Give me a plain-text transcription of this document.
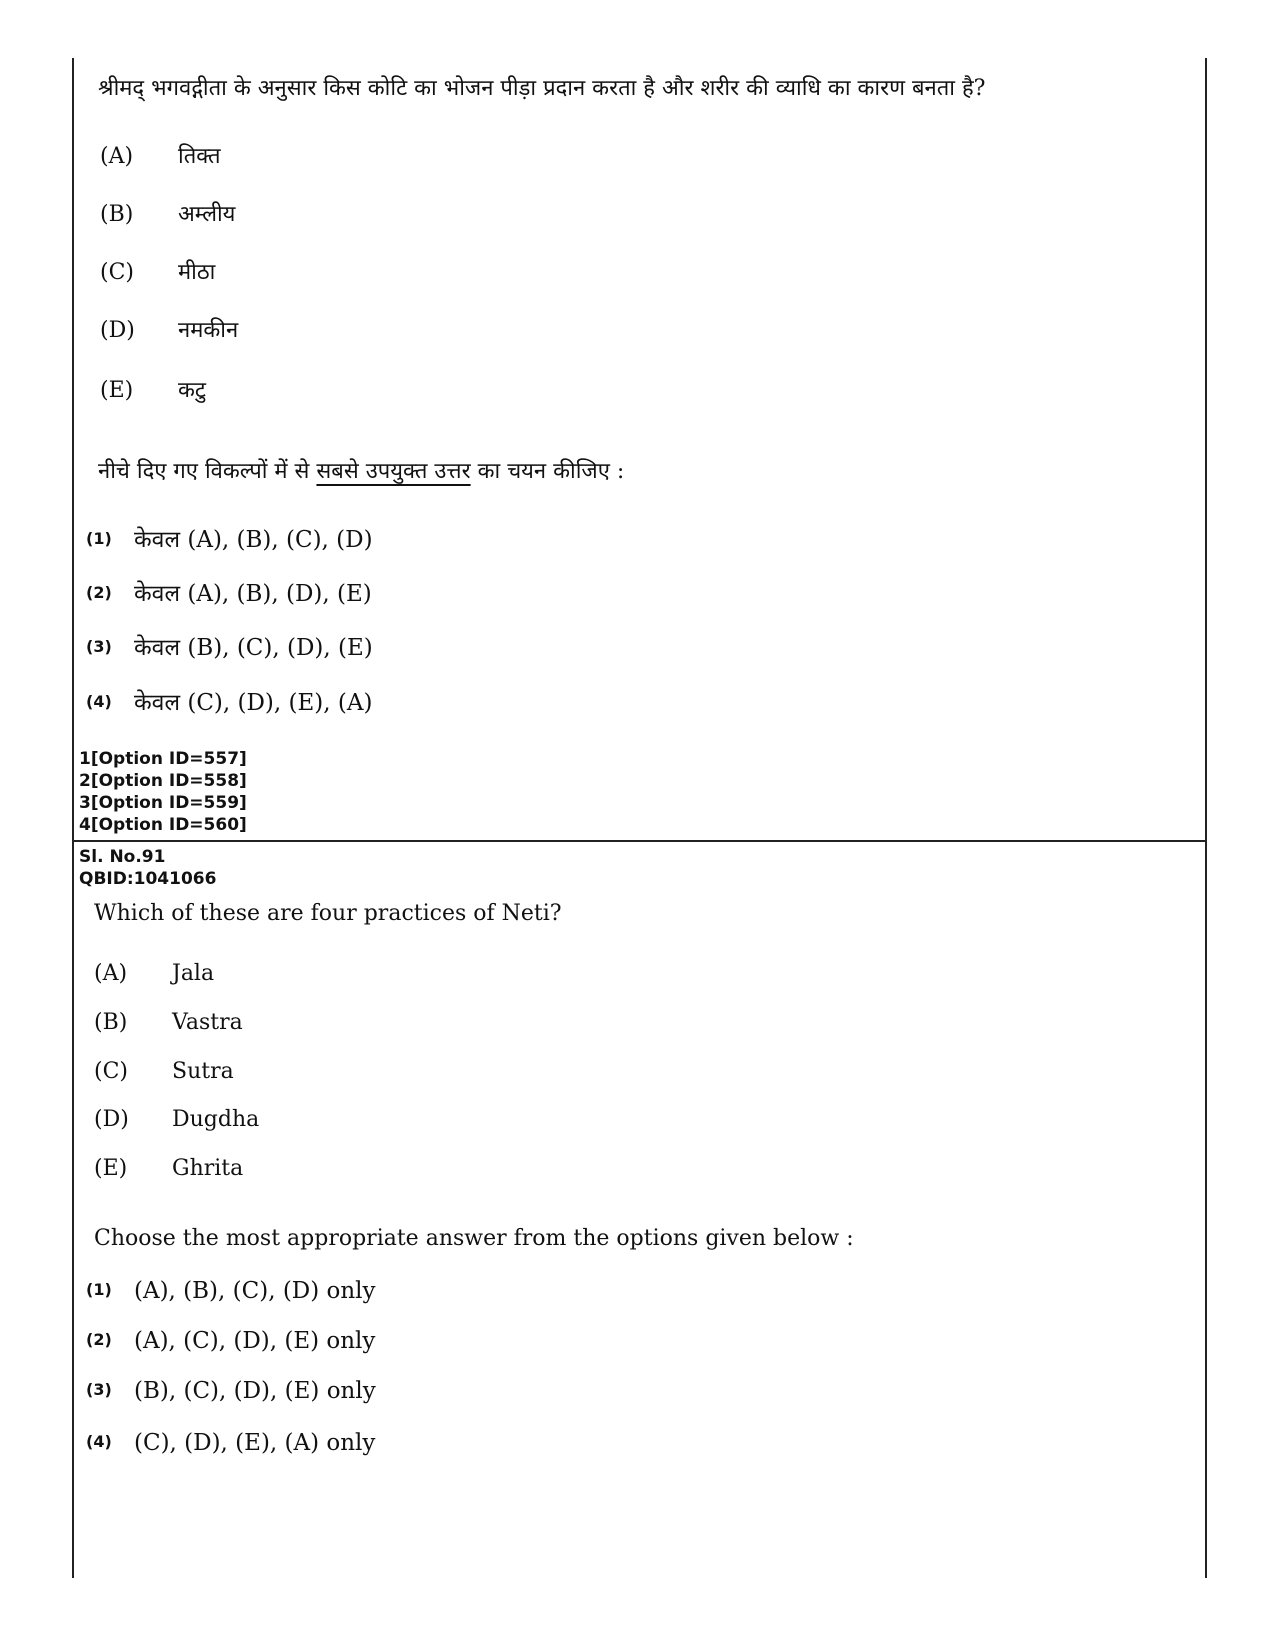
श्रीमद् भगवद्गीता के अनुसार किस कोटि का भोजन पीड़ा प्रदान करता है और शरीर की व्याधि का कारण बनता है?
(A) तिक्त
(B) अम्लीय
(C) मीठा
(D) नमकीन
(E) कटु
नीचे दिए गए विकल्पों में से सबसे उपयुक्त उत्तर का चयन कीजिए :
(1) केवल (A), (B), (C), (D)
(2) केवल (A), (B), (D), (E)
(3) केवल (B), (C), (D), (E)
(4) केवल (C), (D), (E), (A)
1[Option ID=557]
2[Option ID=558]
3[Option ID=559]
4[Option ID=560]
Sl. No.91
QBID:1041066
Which of these are four practices of Neti?
(A) Jala
(B) Vastra
(C) Sutra
(D) Dugdha
(E) Ghrita
Choose the most appropriate answer from the options given below :
(1) (A), (B), (C), (D) only
(2) (A), (C), (D), (E) only
(3) (B), (C), (D), (E) only
(4) (C), (D), (E), (A) only
